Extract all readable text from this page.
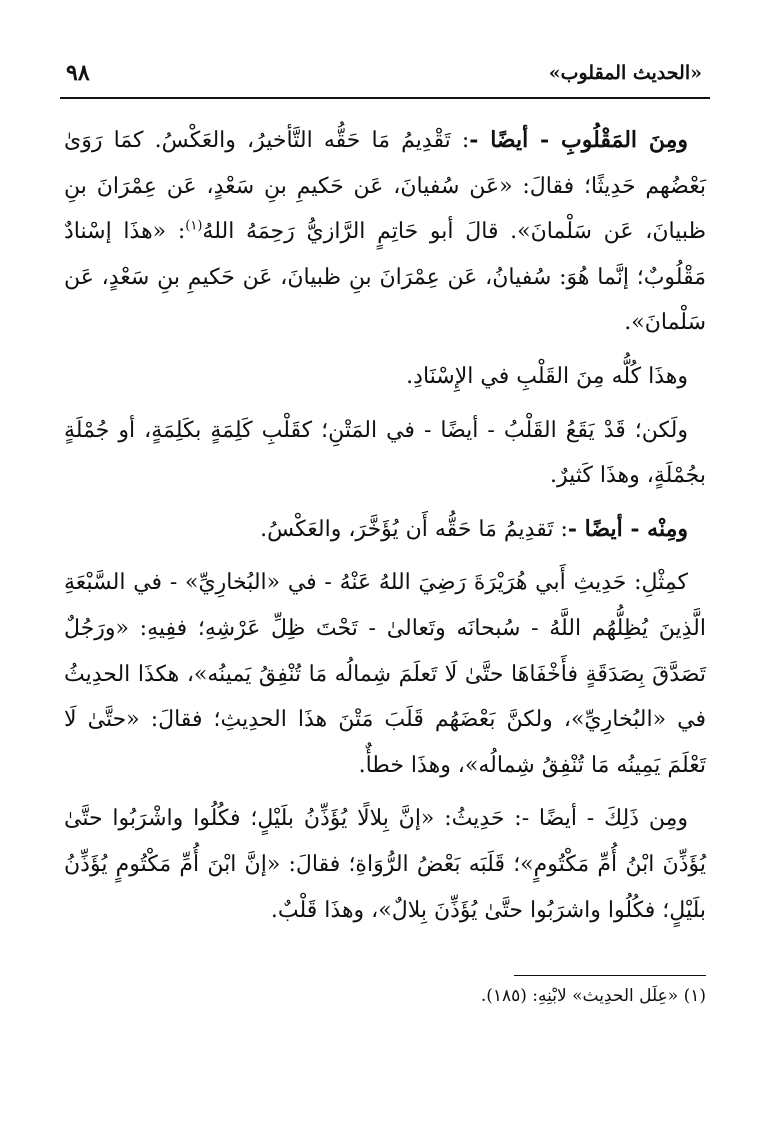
«الحديث المقلوب»
٩٨

ومِنَ المَقْلُوبِ - أيضًا -: تَقْدِيمُ مَا حَقُّه التَّأخيرُ، والعَكْسُ. كمَا رَوَىٰ بَعْضُهم حَدِيثًا؛ فقالَ: «عَن سُفيانَ، عَن حَكيمِ بنِ سَعْدٍ، عَن عِمْرَانَ بنِ ظبيانَ، عَن سَلْمانَ». قالَ أبو حَاتِمٍ الرَّازيُّ رَحِمَهُ اللهُ$^{(١)}$: «هذَا إسْنادٌ مَقْلُوبٌ؛ إنَّما هُوَ: سُفيانُ، عَن عِمْرَانَ بنِ ظبيانَ، عَن حَكيمِ بنِ سَعْدٍ، عَن سَلْمانَ».

وهذَا كُلُّه مِنَ القَلْبِ في الإِسْنَادِ.

ولَكن؛ قَدْ يَقَعُ القَلْبُ - أيضًا - في المَتْنِ؛ كقَلْبِ كَلِمَةٍ بكَلِمَةٍ، أو جُمْلَةٍ بجُمْلَةٍ، وهذَا كَثيرٌ.

ومِنْه - أيضًا -: تَقدِيمُ مَا حَقُّه أَن يُؤَخَّرَ، والعَكْسُ.

كمِثْلِ: حَدِيثِ أَبي هُرَيْرَةَ رَضِيَ اللهُ عَنْهُ - في «البُخارِيِّ» - في السَّبْعَةِ الَّذِينَ يُظِلُّهُم اللَّهُ - سُبحانَه وتَعالىٰ - تَحْتَ ظِلِّ عَرْشِهِ؛ ففِيهِ: «ورَجُلٌ تَصَدَّقَ بِصَدَقَةٍ فأَخْفَاهَا حتَّىٰ لَا تَعلَمَ شِمالُه مَا تُنْفِقُ يَمينُه»، هكذَا الحدِيثُ في «البُخارِيِّ»، ولكنَّ بَعْضَهُم قَلَبَ مَتْنَ هذَا الحدِيثِ؛ فقالَ: «حتَّىٰ لَا تَعْلَمَ يَمِينُه مَا تُنْفِقُ شِمالُه»، وهذَا خطأٌ.

ومِن ذَلِكَ - أيضًا -: حَدِيثُ: «إنَّ بِلالًا يُؤَذِّنُ بلَيْلٍ؛ فكُلُوا واشْرَبُوا حتَّىٰ يُؤَذِّنَ ابْنُ أُمِّ مَكْتُومٍ»؛ قَلَبَه بَعْضُ الرُّوَاةِ؛ فقالَ: «إنَّ ابْنَ أُمِّ مَكْتُومٍ يُؤَذِّنُ بلَيْلٍ؛ فكُلُوا واشرَبُوا حتَّىٰ يُؤَذِّنَ بِلالٌ»، وهذَا قَلْبٌ.

(١) «عِلَل الحدِيث» لابْنِهِ: (١٨٥).
